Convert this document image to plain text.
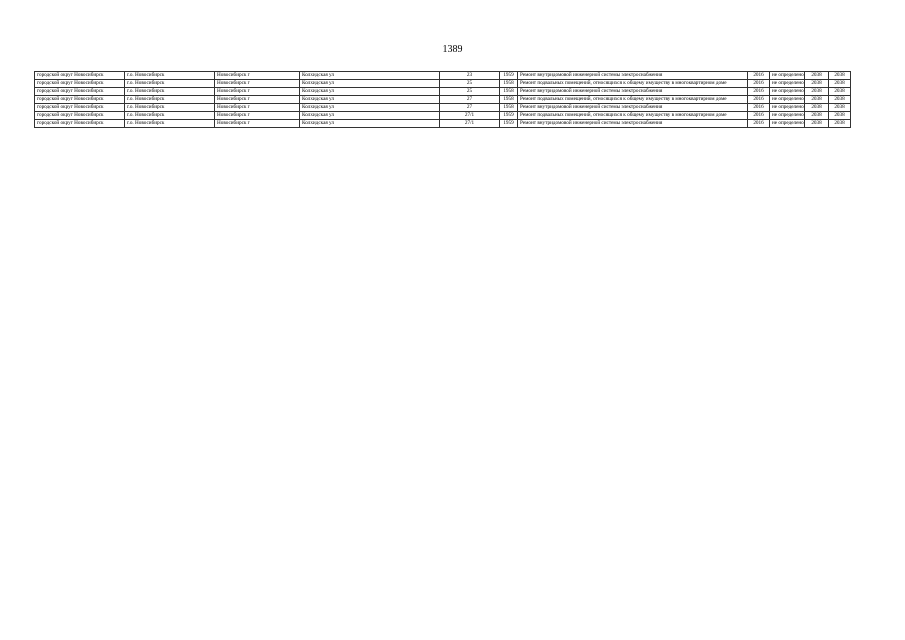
1389
городской округ Новосибирск	г.о. Новосибирск	Новосибирск г	Колхидская ул	23	1959	Ремонт внутридомовой инженерной системы электроснабжения	2016	не определено	2038	2038
городской округ Новосибирск	г.о. Новосибирск	Новосибирск г	Колхидская ул	25	1958	Ремонт подвальных помещений, относящихся к общему имуществу в многоквартирном доме	2016	не определено	2038	2038
городской округ Новосибирск	г.о. Новосибирск	Новосибирск г	Колхидская ул	25	1958	Ремонт внутридомовой инженерной системы электроснабжения	2016	не определено	2038	2038
городской округ Новосибирск	г.о. Новосибирск	Новосибирск г	Колхидская ул	27	1958	Ремонт подвальных помещений, относящихся к общему имуществу в многоквартирном доме	2016	не определено	2038	2038
городской округ Новосибирск	г.о. Новосибирск	Новосибирск г	Колхидская ул	27	1958	Ремонт внутридомовой инженерной системы электроснабжения	2016	не определено	2038	2038
городской округ Новосибирск	г.о. Новосибирск	Новосибирск г	Колхидская ул	27/1	1959	Ремонт подвальных помещений, относящихся к общему имуществу в многоквартирном доме	2016	не определено	2038	2038
городской округ Новосибирск	г.о. Новосибирск	Новосибирск г	Колхидская ул	27/1	1959	Ремонт внутридомовой инженерной системы электроснабжения	2016	не определено	2038	2038
